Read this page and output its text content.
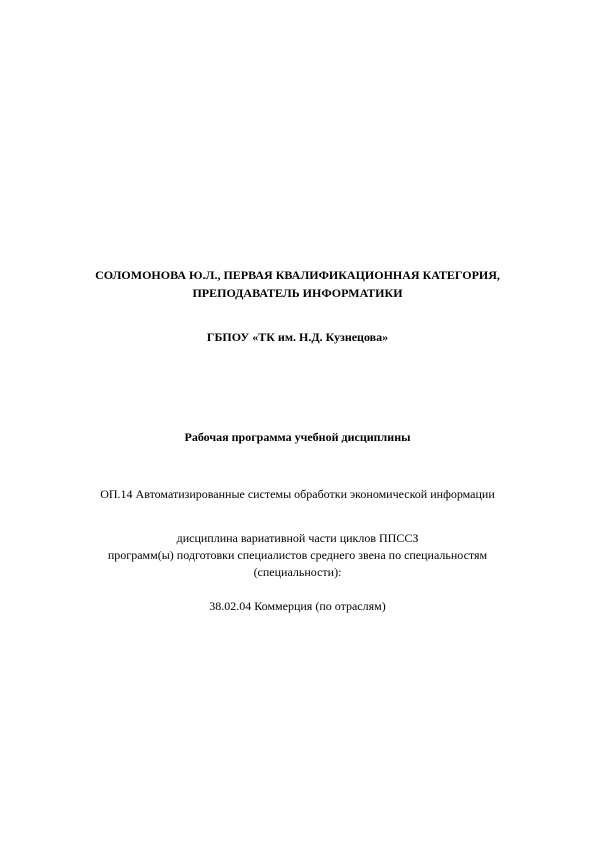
СОЛОМОНОВА Ю.Л., ПЕРВАЯ КВАЛИФИКАЦИОННАЯ КАТЕГОРИЯ,
ПРЕПОДАВАТЕЛЬ ИНФОРМАТИКИ
ГБПОУ «ТК им. Н.Д. Кузнецова»
Рабочая программа учебной дисциплины
ОП.14 Автоматизированные системы обработки экономической информации
дисциплина вариативной части циклов ППССЗ
программ(ы) подготовки специалистов среднего звена по специальностям
(специальности):
38.02.04 Коммерция (по отраслям)
